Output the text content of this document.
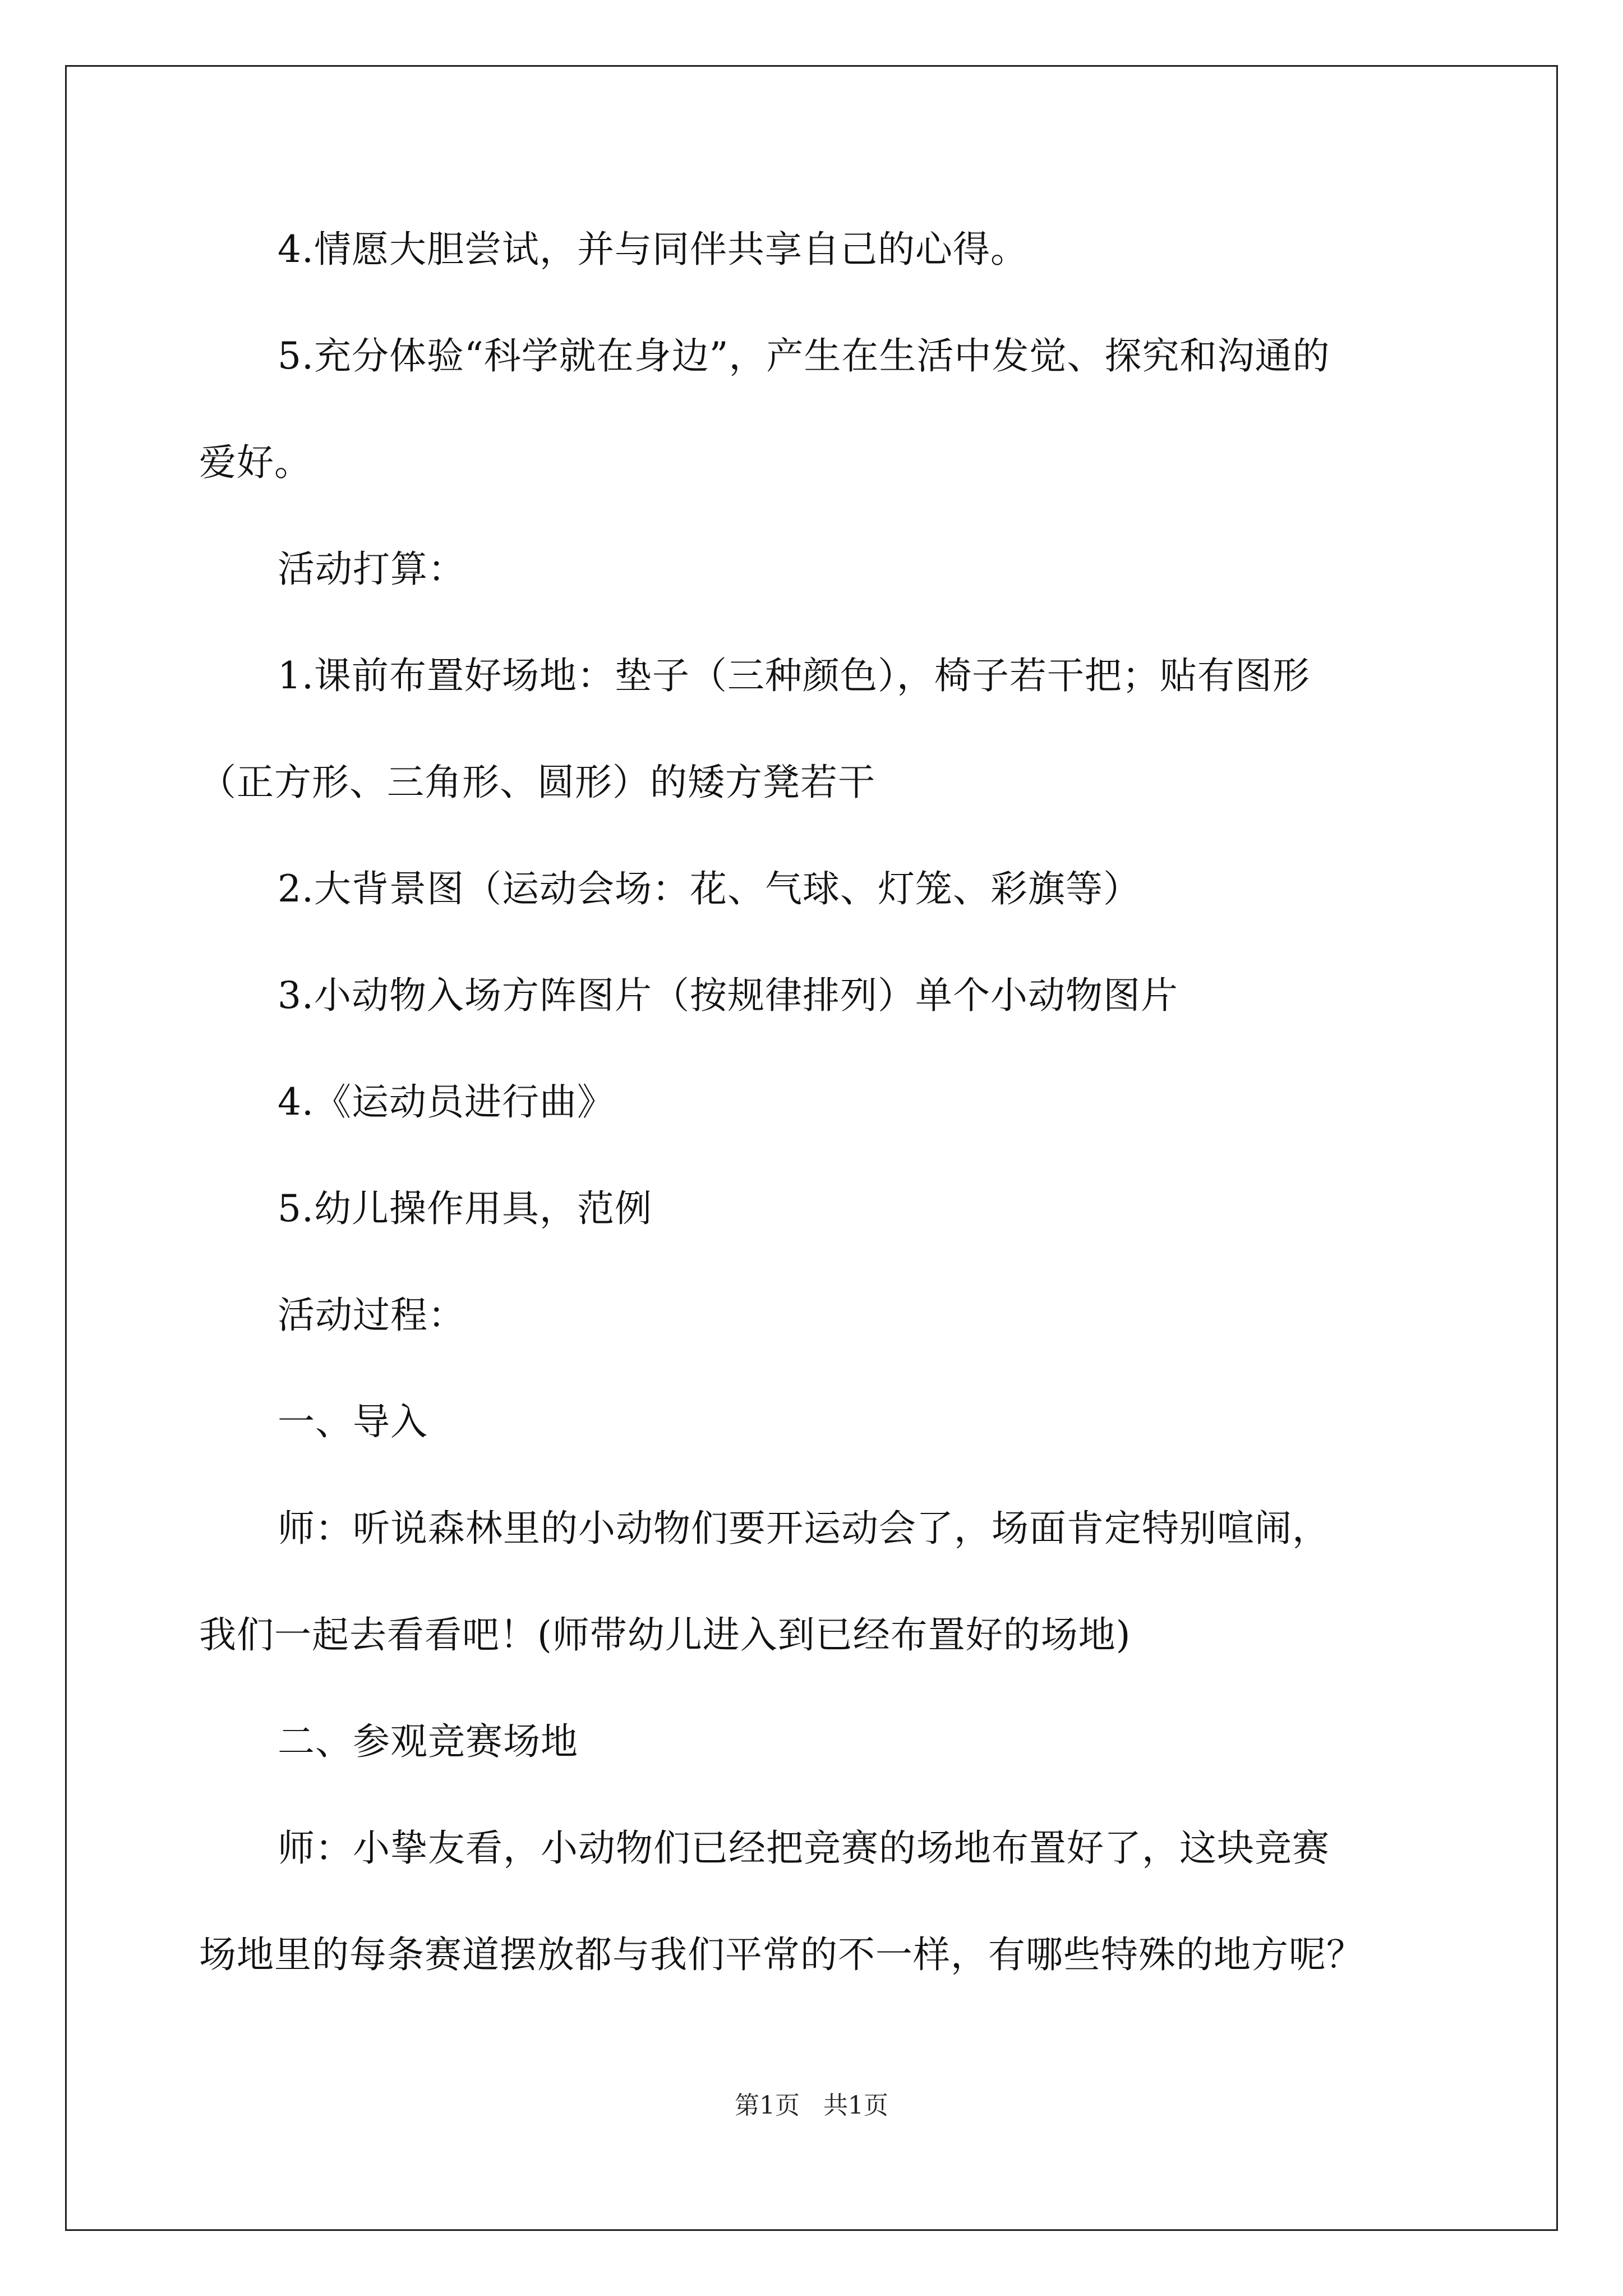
4.情愿大胆尝试，并与同伴共享自己的心得。
5.充分体验“科学就在身边”，产生在生活中发觉、探究和沟通的
爱好。
活动打算：
1.课前布置好场地：垫子（三种颜色），椅子若干把；贴有图形
（正方形、三角形、圆形）的矮方凳若干
2.大背景图（运动会场：花、气球、灯笼、彩旗等）
3.小动物入场方阵图片（按规律排列）单个小动物图片
4.《运动员进行曲》
5.幼儿操作用具，范例
活动过程：
一、导入
师：听说森林里的小动物们要开运动会了，场面肯定特别喧闹，
我们一起去看看吧！(师带幼儿进入到已经布置好的场地)
二、参观竞赛场地
师：小挚友看，小动物们已经把竞赛的场地布置好了，这块竞赛
场地里的每条赛道摆放都与我们平常的不一样，有哪些特殊的地方呢？
第1页   共1页
